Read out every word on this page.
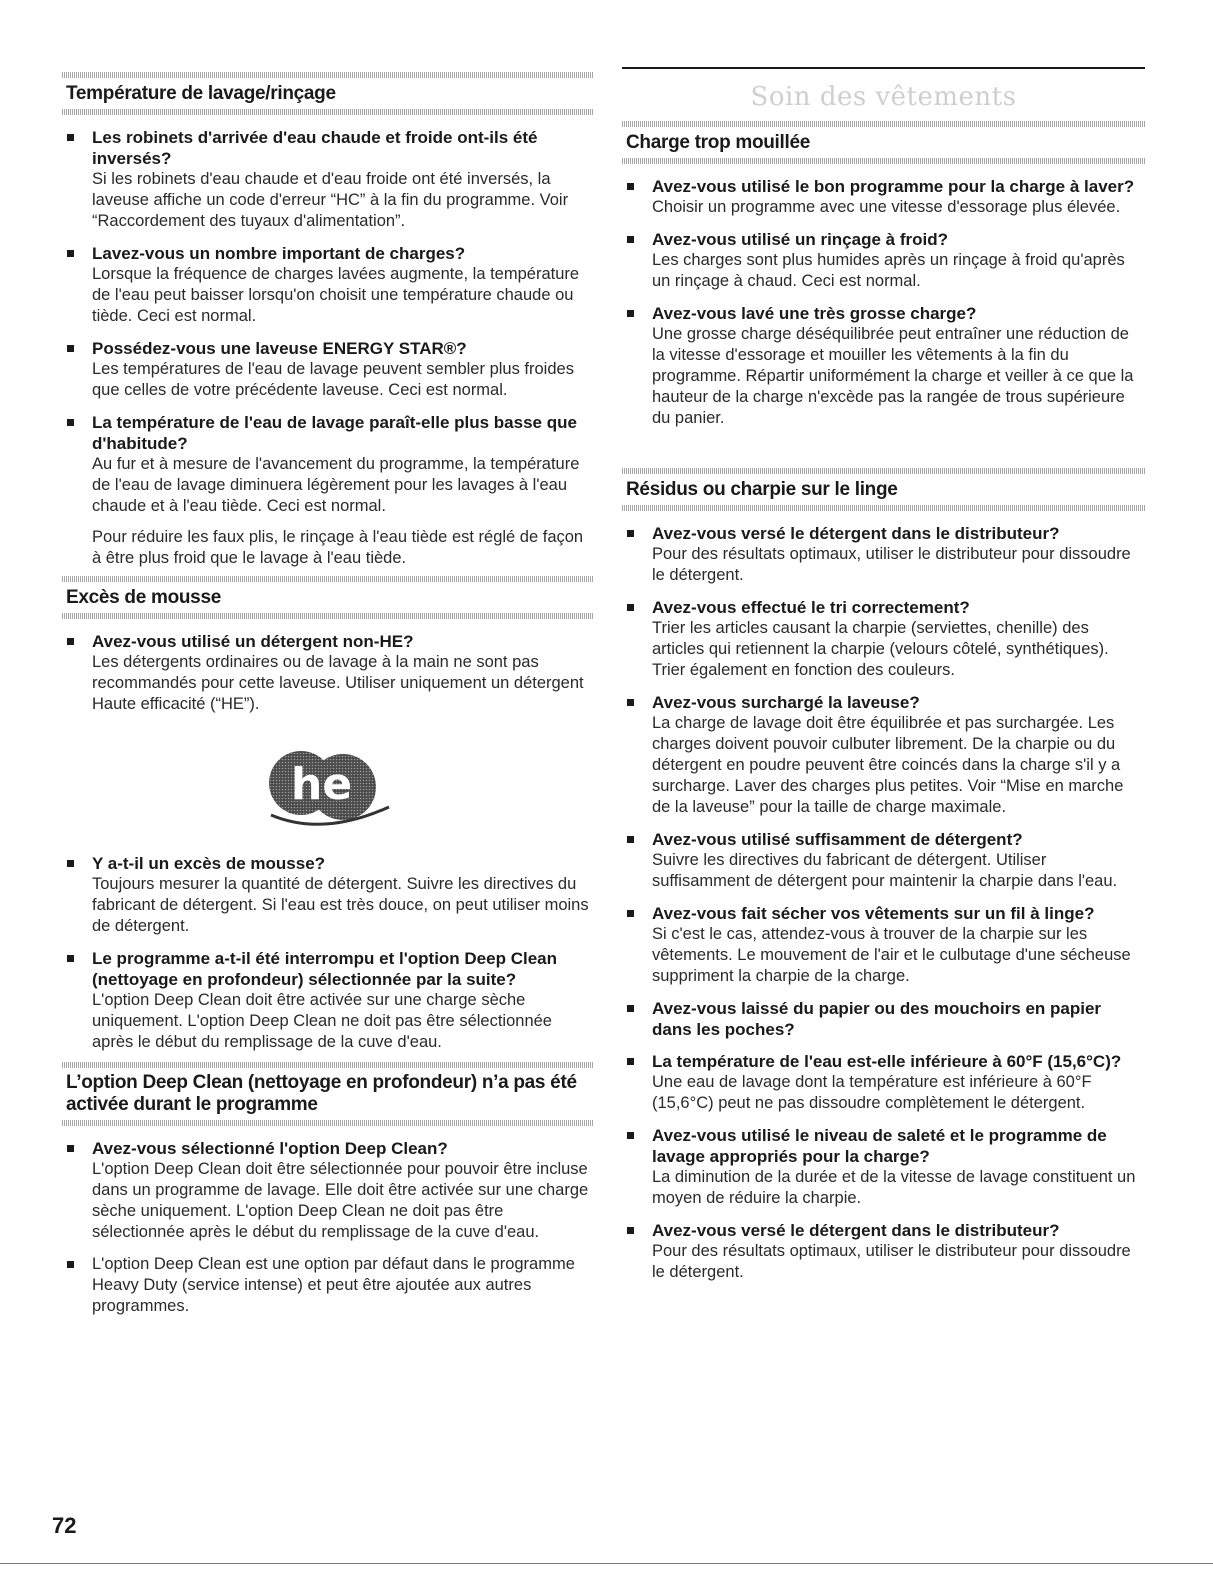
Soin des vêtements
Température de lavage/rinçage
Les robinets d'arrivée d'eau chaude et froide ont-ils été inversés?
Si les robinets d'eau chaude et d'eau froide ont été inversés, la laveuse affiche un code d'erreur “HC” à la fin du programme. Voir “Raccordement des tuyaux d'alimentation”.
Lavez-vous un nombre important de charges?
Lorsque la fréquence de charges lavées augmente, la température de l'eau peut baisser lorsqu'on choisit une température chaude ou tiède. Ceci est normal.
Possédez-vous une laveuse ENERGY STAR®?
Les températures de l'eau de lavage peuvent sembler plus froides que celles de votre précédente laveuse. Ceci est normal.
La température de l'eau de lavage paraît-elle plus basse que d'habitude?
Au fur et à mesure de l'avancement du programme, la température de l'eau de lavage diminuera légèrement pour les lavages à l'eau chaude et à l'eau tiède. Ceci est normal.
Pour réduire les faux plis, le rinçage à l'eau tiède est réglé de façon à être plus froid que le lavage à l'eau tiède.
Excès de mousse
Avez-vous utilisé un détergent non-HE?
Les détergents ordinaires ou de lavage à la main ne sont pas recommandés pour cette laveuse. Utiliser uniquement un détergent Haute efficacité (“HE”).
he
Y a-t-il un excès de mousse?
Toujours mesurer la quantité de détergent. Suivre les directives du fabricant de détergent. Si l'eau est très douce, on peut utiliser moins de détergent.
Le programme a-t-il été interrompu et l'option Deep Clean (nettoyage en profondeur) sélectionnée par la suite?
L'option Deep Clean doit être activée sur une charge sèche uniquement. L'option Deep Clean ne doit pas être sélectionnée après le début du remplissage de la cuve d'eau.
L’option Deep Clean (nettoyage en profondeur) n’a pas été activée durant le programme
Avez-vous sélectionné l'option Deep Clean?
L'option Deep Clean doit être sélectionnée pour pouvoir être incluse dans un programme de lavage. Elle doit être activée sur une charge sèche uniquement. L'option Deep Clean ne doit pas être sélectionnée après le début du remplissage de la cuve d'eau.
L'option Deep Clean est une option par défaut dans le programme Heavy Duty (service intense) et peut être ajoutée aux autres programmes.
Charge trop mouillée
Avez-vous utilisé le bon programme pour la charge à laver?
Choisir un programme avec une vitesse d'essorage plus élevée.
Avez-vous utilisé un rinçage à froid?
Les charges sont plus humides après un rinçage à froid qu'après un rinçage à chaud. Ceci est normal.
Avez-vous lavé une très grosse charge?
Une grosse charge déséquilibrée peut entraîner une réduction de la vitesse d'essorage et mouiller les vêtements à la fin du programme. Répartir uniformément la charge et veiller à ce que la hauteur de la charge n'excède pas la rangée de trous supérieure du panier.
Résidus ou charpie sur le linge
Avez-vous versé le détergent dans le distributeur?
Pour des résultats optimaux, utiliser le distributeur pour dissoudre le détergent.
Avez-vous effectué le tri correctement?
Trier les articles causant la charpie (serviettes, chenille) des articles qui retiennent la charpie (velours côtelé, synthétiques). Trier également en fonction des couleurs.
Avez-vous surchargé la laveuse?
La charge de lavage doit être équilibrée et pas surchargée. Les charges doivent pouvoir culbuter librement. De la charpie ou du détergent en poudre peuvent être coincés dans la charge s'il y a surcharge. Laver des charges plus petites. Voir “Mise en marche de la laveuse” pour la taille de charge maximale.
Avez-vous utilisé suffisamment de détergent?
Suivre les directives du fabricant de détergent. Utiliser suffisamment de détergent pour maintenir la charpie dans l'eau.
Avez-vous fait sécher vos vêtements sur un fil à linge?
Si c'est le cas, attendez-vous à trouver de la charpie sur les vêtements. Le mouvement de l'air et le culbutage d'une sécheuse suppriment la charpie de la charge.
Avez-vous laissé du papier ou des mouchoirs en papier dans les poches?
La température de l'eau est-elle inférieure à 60°F (15,6°C)?
Une eau de lavage dont la température est inférieure à 60°F (15,6°C) peut ne pas dissoudre complètement le détergent.
Avez-vous utilisé le niveau de saleté et le programme de lavage appropriés pour la charge?
La diminution de la durée et de la vitesse de lavage constituent un moyen de réduire la charpie.
Avez-vous versé le détergent dans le distributeur?
Pour des résultats optimaux, utiliser le distributeur pour dissoudre le détergent.
72
